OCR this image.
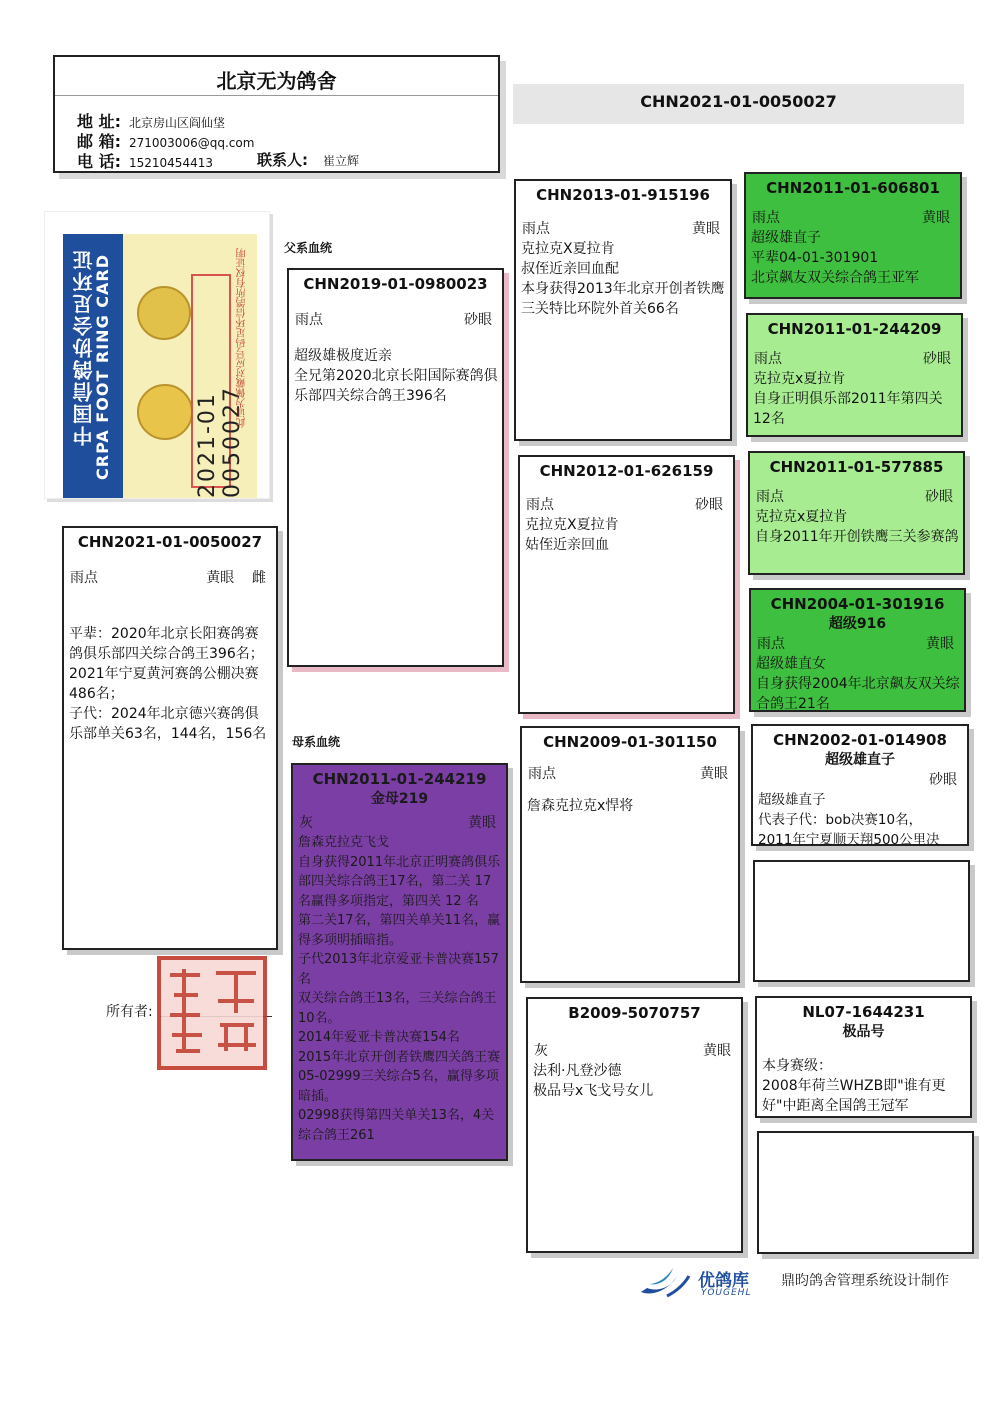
北京无为鸽舍
地 址: 北京房山区阎仙垡
邮 箱: 271003006@qq.com
电 话: 15210454413	联系人: 崔立辉
CHN2021-01-0050027
中国信鸽协会足环证
CRPA FOOT RING CARD	2021-01 0050027
此证为佩戴对应号码足环信鸽所有权证明
CHN2021-01-0050027
雨点	黄眼 雌
平辈：2020年北京长阳赛鸽赛鸽俱乐部四关综合鸽王396名；
2021年宁夏黄河赛鸽公棚决赛486名；
子代：2024年北京德兴赛鸽俱乐部单关63名，144名，156名
父系血统
母系血统
CHN2019-01-0980023
雨点	砂眼
超级雄极度近亲
全兄第2020北京长阳国际赛鸽俱乐部四关综合鸽王396名
CHN2011-01-244219
金母219
灰	黄眼
詹森克拉克飞戈
自身获得2011年北京正明赛鸽俱乐部四关综合鸽王17名，第二关 17 名赢得多项指定，第四关 12 名
第二关17名，第四关单关11名，赢得多项明插暗指。
子代2013年北京爱亚卡普决赛157名
双关综合鸽王13名，三关综合鸽王10名。
2014年爱亚卡普决赛154名
2015年北京开创者铁鹰四关鸽王赛05-02999三关综合5名，赢得多项暗插。
02998获得第四关单关13名，4关综合鸽王261
CHN2013-01-915196
雨点	黄眼
克拉克X夏拉肯
叔侄近亲回血配
本身获得2013年北京开创者铁鹰三关特比环院外首关66名
CHN2012-01-626159
雨点	砂眼
克拉克X夏拉肯
姑侄近亲回血
CHN2009-01-301150
雨点	黄眼
詹森克拉克x悍将
B2009-5070757
灰	黄眼
法利·凡登沙德
极品号x飞戈号女儿
CHN2011-01-606801
雨点	黄眼
超级雄直子
平辈04-01-301901
北京飙友双关综合鸽王亚军
CHN2011-01-244209
雨点	砂眼
克拉克x夏拉肯
自身正明俱乐部2011年第四关12名
CHN2011-01-577885
雨点	砂眼
克拉克x夏拉肯
自身2011年开创铁鹰三关参赛鸽
CHN2004-01-301916
超级916
雨点	黄眼
超级雄直女
自身获得2004年北京飙友双关综合鸽王21名
CHN2002-01-014908
超级雄直子
砂眼
超级雄直子
代表子代：bob决赛10名，
2011年宁夏顺天翔500公里决
NL07-1644231
极品号
本身赛级：
2008年荷兰WHZB即"谁有更好"中距离全国鸽王冠军
所有者:
优鸽库
YOUGEHL
鼎昀鸽舍管理系统设计制作
